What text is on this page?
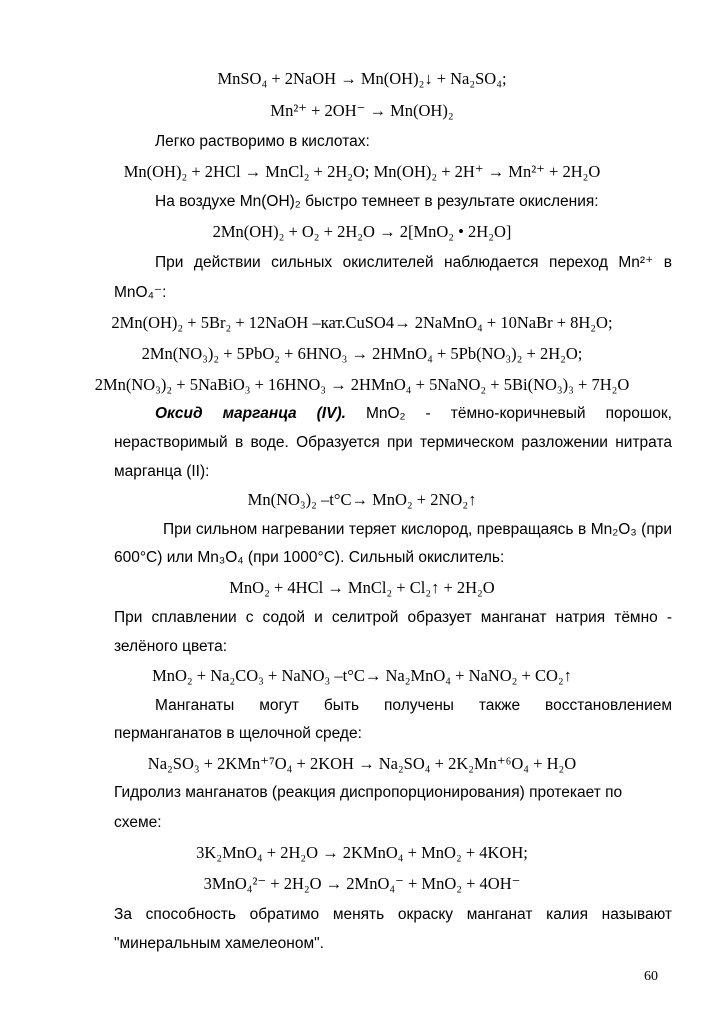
MnSO₄ + 2NaOH → Mn(OH)₂↓ + Na₂SO₄;
Mn²⁺ + 2OH⁻ → Mn(OH)₂
Легко растворимо в кислотах:
Mn(OH)₂ + 2HCl → MnCl₂ + 2H₂O; Mn(OH)₂ + 2H⁺ → Mn²⁺ + 2H₂O
На воздухе Mn(OH)₂ быстро темнеет в результате окисления:
2Mn(OH)₂ + O₂ + 2H₂O → 2[MnO₂ • 2H₂O]
При действии сильных окислителей наблюдается переход Mn²⁺ в
MnO₄⁻:
2Mn(OH)₂ + 5Br₂ + 12NaOH –кат.CuSO4→ 2NaMnO₄ + 10NaBr + 8H₂O;
2Mn(NO₃)₂ + 5PbO₂ + 6HNO₃ → 2HMnO₄ + 5Pb(NO₃)₂ + 2H₂O;
2Mn(NO₃)₂ + 5NaBiO₃ + 16HNO₃ → 2HMnO₄ + 5NaNO₂ + 5Bi(NO₃)₃ + 7H₂O
Оксид марганца (IV). MnO₂ - тёмно-коричневый порошок,
нерастворимый в воде. Образуется при термическом разложении нитрата
марганца (II):
Mn(NO₃)₂ –t°C→ MnO₂ + 2NO₂↑
При сильном нагревании теряет кислород, превращаясь в Mn₂O₃ (при
600°С) или Mn₃O₄ (при 1000°С). Сильный окислитель:
MnO₂ + 4HCl → MnCl₂ + Cl₂↑ + 2H₂O
При сплавлении с содой и селитрой образует манганат натрия тёмно -
зелёного цвета:
MnO₂ + Na₂CO₃ + NaNO₃ –t°C→ Na₂MnO₄ + NaNO₂ + CO₂↑
Манганаты могут быть получены также восстановлением
перманганатов в щелочной среде:
Na₂SO₃ + 2KMn⁺⁷O₄ + 2KOH → Na₂SO₄ + 2K₂Mn⁺⁶O₄ + H₂O
Гидролиз манганатов (реакция диспропорционирования) протекает по
схеме:
3K₂MnO₄ + 2H₂O → 2KMnO₄ + MnO₂ + 4KOH;
3MnO₄²⁻ + 2H₂O → 2MnO₄⁻ + MnO₂ + 4OH⁻
За способность обратимо менять окраску манганат калия называют
"минеральным хамелеоном".
60
